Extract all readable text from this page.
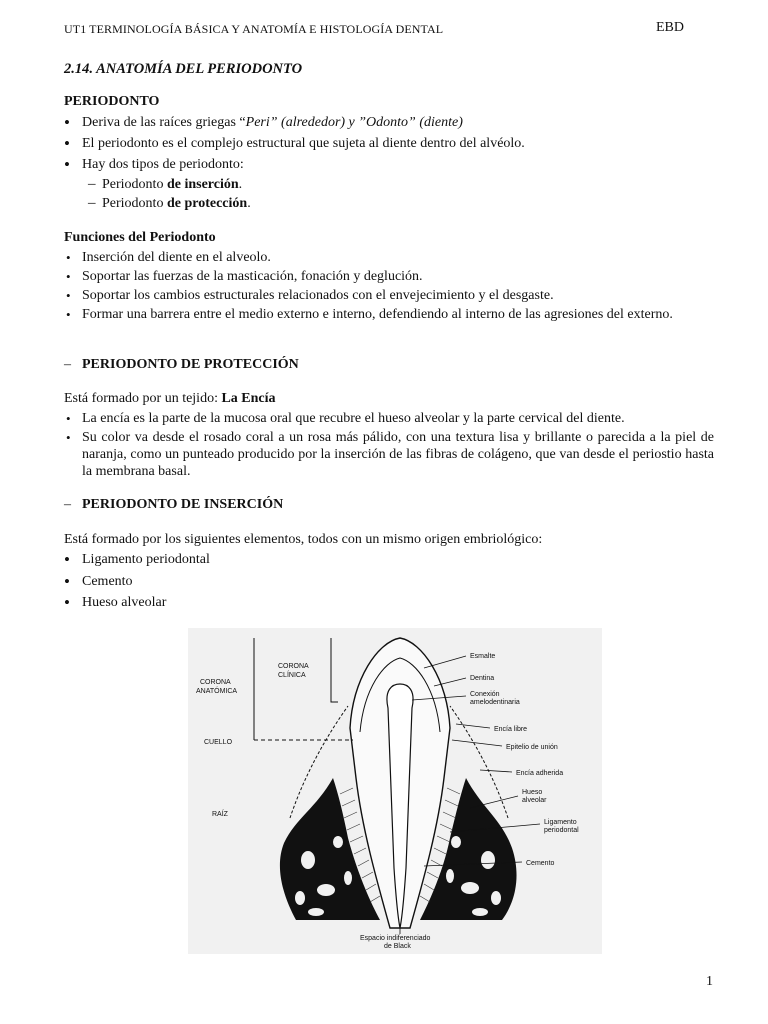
UT1 TERMINOLOGÍA BÁSICA Y ANATOMÍA E HISTOLOGÍA DENTAL	EBD
2.14. ANATOMÍA DEL PERIODONTO
PERIODONTO
• Deriva de las raíces griegas “Peri” (alrededor) y ”Odonto” (diente)
• El periodonto es el complejo estructural que sujeta al diente dentro del alvéolo.
• Hay dos tipos de periodonto:
– Periodonto de inserción.
– Periodonto de protección.
Funciones del Periodonto
• Inserción del diente en el alveolo.
• Soportar las fuerzas de la masticación, fonación y deglución.
• Soportar los cambios estructurales relacionados con el envejecimiento y el desgaste.
• Formar una barrera entre el medio externo e interno, defendiendo al interno de las agresiones del externo.
– PERIODONTO DE PROTECCIÓN
Está formado por un tejido: La Encía
• La encía es la parte de la mucosa oral que recubre el hueso alveolar y la parte cervical del diente.
• Su color va desde el rosado coral a un rosa más pálido, con una textura lisa y brillante o parecida a la piel de naranja, como un punteado producido por la inserción de las fibras de colágeno, que van desde el periostio hasta la membrana basal.
– PERIODONTO DE INSERCIÓN
Está formado por los siguientes elementos, todos con un mismo origen embriológico:
• Ligamento periodontal
• Cemento
• Hueso alveolar
CORONA
ANATÓMICA
CORONA
CLÍNICA
CUELLO
RAÍZ
Esmalte
Dentina
Conexión
amelodentinaria
Encía libre
Epitelio de unión
Encía adherida
Hueso
alveolar
Ligamento
periodontal
Cemento
Espacio indiferenciado
de Black
1
